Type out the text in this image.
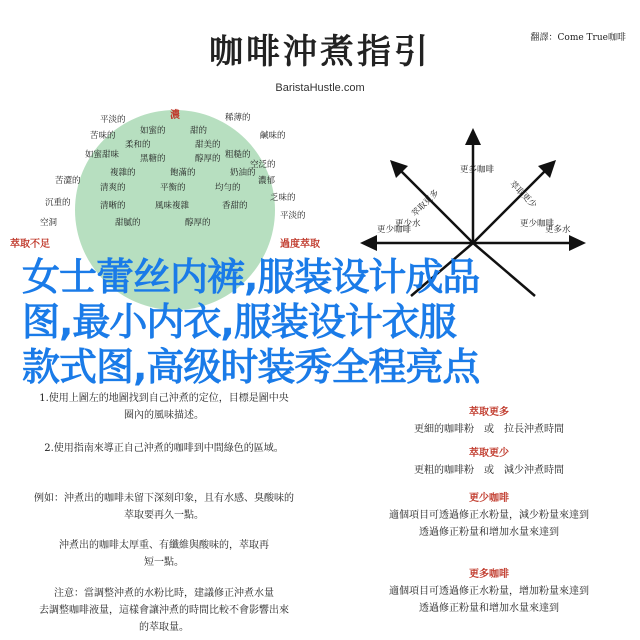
咖啡沖煮指引
BaristaHustle.com
翻譯：Come True咖啡
濃
萃取不足	過度萃取
如蜜的	甜的
柔和的	甜美的
黑糖的	醇厚的
複雜的	飽滿的	奶油的
清爽的	平衡的	均勻的
清晰的	風味複雜	香甜的
甜膩的	醇厚的
如蜜甜味	粗糙的
苦澀的	濃郁
沉重的	乏味的
空洞
平淡的
鹹味的
苦味的
稀薄的
空泛的
平淡的
更多咖啡
萃取更多	萃取更少
更少咖啡	更多水
更少水	更少咖啡
1.使用上圖左的地圖找到自己沖煮的定位，目標是圖中央
圈內的風味描述。
2.使用指南來導正自己沖煮的咖啡到中間綠色的區域。
例如：沖煮出的咖啡未留下深刻印象，且有水感、臭酸味的
萃取要再久一點。
沖煮出的咖啡太厚重、有纖維與酸味的，萃取再
短一點。
注意：當調整沖煮的水粉比時，建議修正沖煮水量
去調整咖啡液量，這樣會讓沖煮的時間比較不會影響出來
的萃取量。
萃取更多
更細的咖啡粉　或　拉長沖煮時間
萃取更少
更粗的咖啡粉　或　減少沖煮時間
更少咖啡
適個項目可透過修正水粉量，減少粉量來達到
透過修正粉量和增加水量來達到
更多咖啡
適個項目可透過修正水粉量，增加粉量來達到
透過修正粉量和增加水量來達到
女士蕾丝内裤,服装设计成品
图,最小内衣,服装设计衣服
款式图,高级时装秀全程亮点
